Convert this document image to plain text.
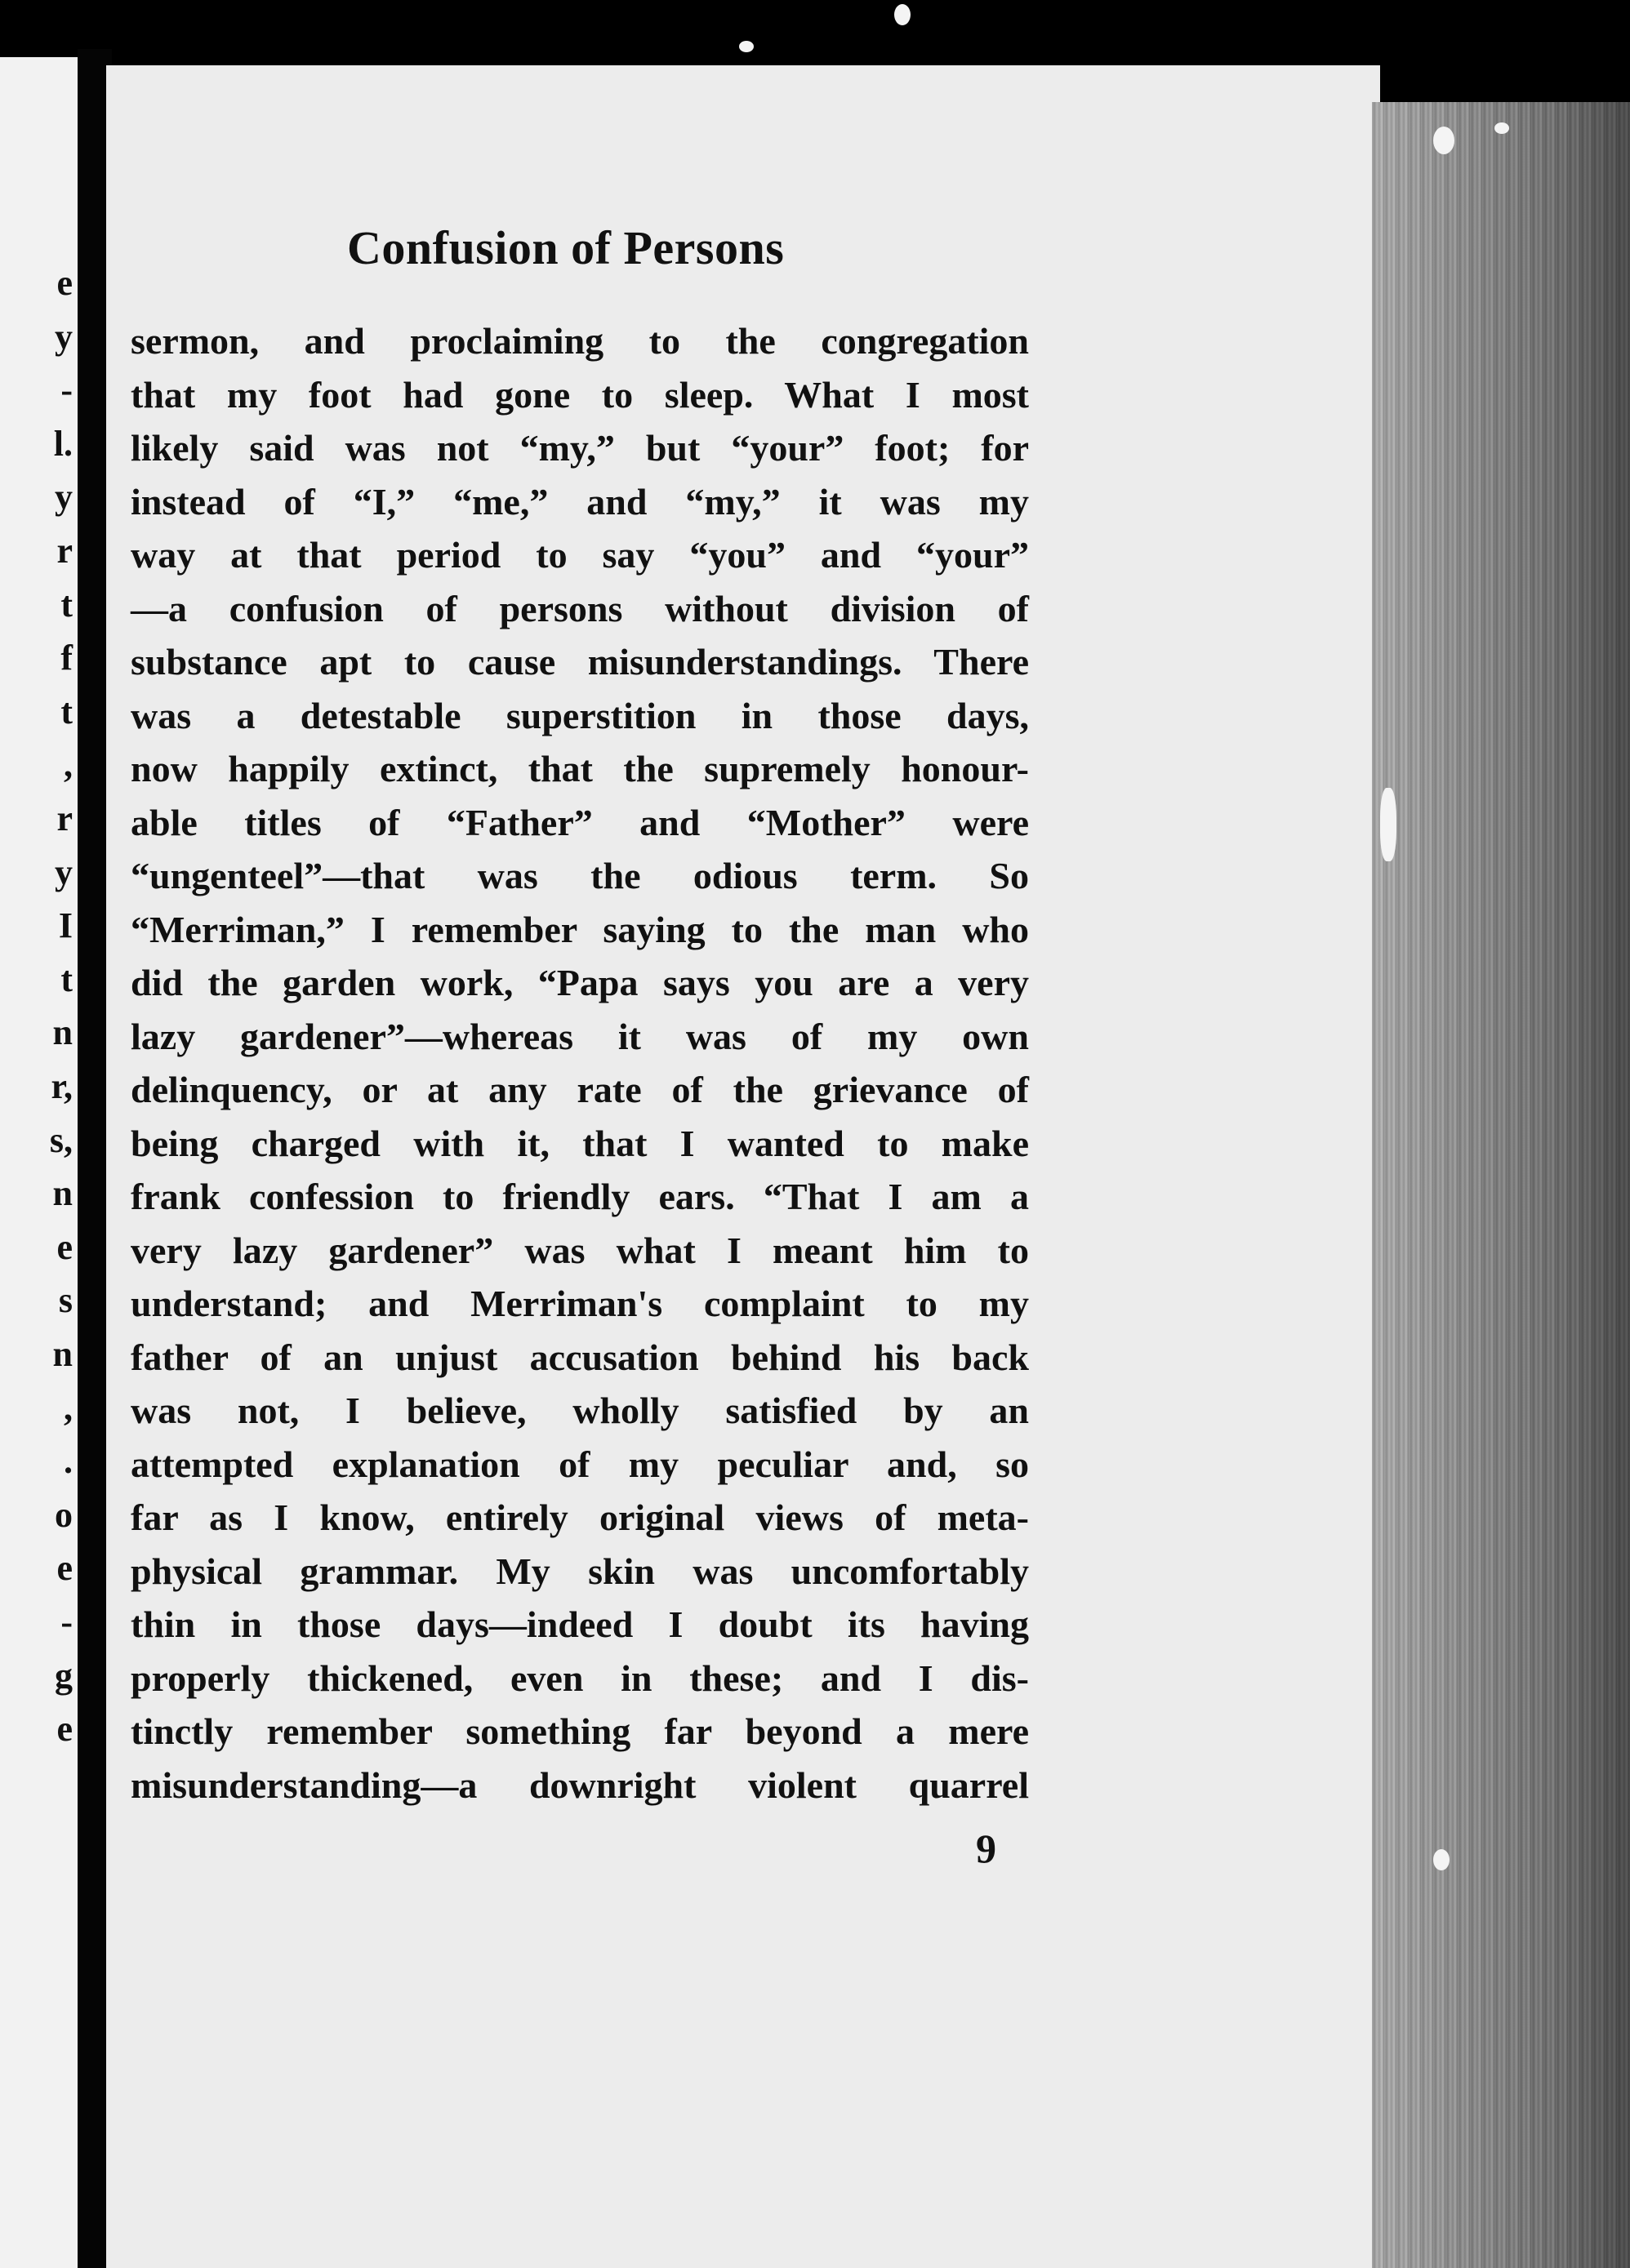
e
y
-
l.
y
r
t
f
t
,
r
y
I
t
n
r,
s,
n
e
s
n
,
.
o
e
-
g
e
Confusion of Persons
sermon, and proclaiming to the congregation
that my foot had gone to sleep. What I most
likely said was not “my,” but “your” foot; for
instead of “I,” “me,” and “my,” it was my
way at that period to say “you” and “your”
—a confusion of persons without division of
substance apt to cause misunderstandings. There
was a detestable superstition in those days,
now happily extinct, that the supremely honour-
able titles of “Father” and “Mother” were
“ungenteel”—that was the odious term. So
“Merriman,” I remember saying to the man who
did the garden work, “Papa says you are a very
lazy gardener”—whereas it was of my own
delinquency, or at any rate of the grievance of
being charged with it, that I wanted to make
frank confession to friendly ears. “That I am a
very lazy gardener” was what I meant him to
understand; and Merriman's complaint to my
father of an unjust accusation behind his back
was not, I believe, wholly satisfied by an
attempted explanation of my peculiar and, so
far as I know, entirely original views of meta-
physical grammar. My skin was uncomfortably
thin in those days—indeed I doubt its having
properly thickened, even in these; and I dis-
tinctly remember something far beyond a mere
misunderstanding—a downright violent quarrel
9
